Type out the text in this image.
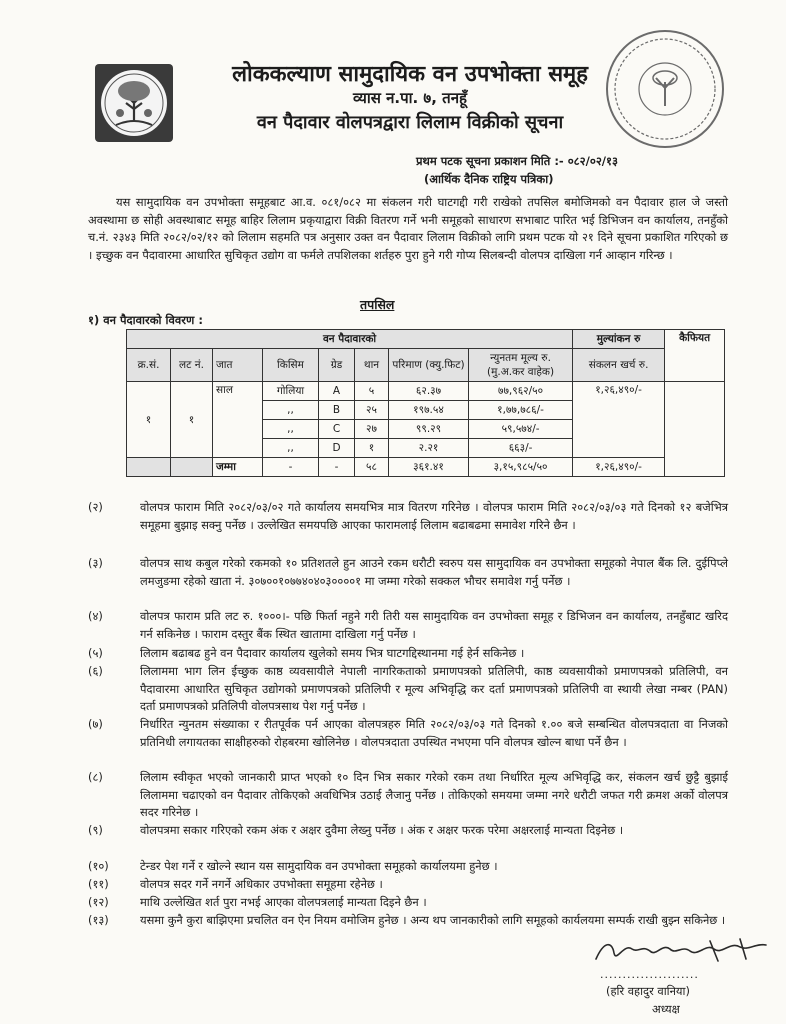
लोककल्याण सामुदायिक वन उपभोक्ता समूह
व्यास न.पा. ७, तनहूँ
वन पैदावार वोलपत्रद्वारा लिलाम विक्रीको सूचना
प्रथम पटक सूचना प्रकाशन मिति :- ०८२/०२/१३
(आर्थिक दैनिक राष्ट्रिय पत्रिका)
यस सामुदायिक वन उपभोक्ता समूहबाट आ.व. ०८१/०८२ मा संकलन गरी घाटगद्दी गरी राखेको तपसिल बमोजिमको वन पैदावार हाल जे जस्तो अवस्थामा छ सोही अवस्थाबाट समूह बाहिर लिलाम प्रकृयाद्वारा विक्री वितरण गर्ने भनी समूहको साधारण सभाबाट पारित भई डिभिजन वन कार्यालय, तनहुँको च.नं. २३४३ मिति २०८२/०२/१२ को लिलाम सहमति पत्र अनुसार उक्त वन पैदावार लिलाम विक्रीको लागि प्रथम पटक यो २१ दिने सूचना प्रकाशित गरिएको छ । इच्छुक वन पैदावारमा आधारित सुचिकृत उद्योग वा फर्मले तपशिलका शर्तहरु पुरा हुने गरी गोप्य सिलबन्दी वोलपत्र दाखिला गर्न आव्हान गरिन्छ ।
तपसिल
१) वन पैदावारको विवरण :
वन पैदावारको								मुल्यांकन रु	कैफियत
क्र.सं.	लट नं.	जात	किसिम	ग्रेड	थान	परिमाण (क्यु.फिट)	न्युनतम मूल्य रु. (मु.अ.कर वाहेक)	संकलन खर्च रु.	
१	१	साल	गोलिया	A	५	६२.३७	७७,९६२/५०	१,२६,४९०/-	
			,,	B	२५	१९७.५४	१,७७,७८६/-		
			,,	C	२७	९९.२९	५९,५७४/-		
			,,	D	१	२.२१	६६३/-		
		जम्मा	-	-	५८	३६१.४१	३,१५,९८५/५०	१,२६,४९०/-	
(२)	वोलपत्र फाराम मिति २०८२/०३/०२ गते कार्यालय समयभित्र मात्र वितरण गरिनेछ । वोलपत्र फाराम मिति २०८२/०३/०३ गते दिनको १२ बजेभित्र समूहमा बुझाइ सक्नु पर्नेछ । उल्लेखित समयपछि आएका फारामलाई लिलाम बढाबढमा समावेश गरिने छैन ।
(३)	वोलपत्र साथ कबुल गरेको रकमको १० प्रतिशतले हुन आउने रकम धरौटी स्वरुप यस सामुदायिक वन उपभोक्ता समूहको नेपाल बैंक लि. दुईपिप्ले लमजुङमा रहेको खाता नं. ३०७००१०७७४०४०३००००१ मा जम्मा गरेको सक्कल भौचर समावेश गर्नु पर्नेछ ।
(४)	वोलपत्र फाराम प्रति लट रु. १०००।- पछि फिर्ता नहुने गरी तिरी यस सामुदायिक वन उपभोक्ता समूह र डिभिजन वन कार्यालय, तनहुँबाट खरिद गर्न सकिनेछ । फाराम दस्तुर बैंक स्थित खातामा दाखिला गर्नु पर्नेछ ।
(५)	लिलाम बढाबढ हुने वन पैदावार कार्यालय खुलेको समय भित्र घाटगद्दिस्थानमा गई हेर्न सकिनेछ ।
(६)	लिलाममा भाग लिन ईच्छुक काष्ठ व्यवसायीले नेपाली नागरिकताको प्रमाणपत्रको प्रतिलिपी, काष्ठ व्यवसायीको प्रमाणपत्रको प्रतिलिपी, वन पैदावारमा आधारित सुचिकृत उद्योगको प्रमाणपत्रको प्रतिलिपी र मूल्य अभिवृद्धि कर दर्ता प्रमाणपत्रको प्रतिलिपी वा स्थायी लेखा नम्बर (PAN) दर्ता प्रमाणपत्रको प्रतिलिपी वोलपत्रसाथ पेश गर्नु पर्नेछ ।
(७)	निर्धारित न्युनतम संख्याका र रीतपूर्वक पर्न आएका वोलपत्रहरु मिति २०८२/०३/०३ गते दिनको १.०० बजे सम्बन्धित वोलपत्रदाता वा निजको प्रतिनिधी लगायतका साक्षीहरुको रोहबरमा खोलिनेछ । वोलपत्रदाता उपस्थित नभएमा पनि वोलपत्र खोल्न बाधा पर्ने छैन ।
(८)	लिलाम स्वीकृत भएको जानकारी प्राप्त भएको १० दिन भित्र सकार गरेको रकम तथा निर्धारित मूल्य अभिवृद्धि कर, संकलन खर्च छुट्टै बुझाई लिलाममा चढाएको वन पैदावार तोकिएको अवधिभित्र उठाई लैजानु पर्नेछ । तोकिएको समयमा जम्मा नगरे धरौटी जफत गरी क्रमश अर्को वोलपत्र सदर गरिनेछ ।
(९)	वोलपत्रमा सकार गरिएको रकम अंक र अक्षर दुवैमा लेख्नु पर्नेछ । अंक र अक्षर फरक परेमा अक्षरलाई मान्यता दिइनेछ ।
(१०)	टेन्डर पेश गर्ने र खोल्ने स्थान यस सामुदायिक वन उपभोक्ता समूहको कार्यालयमा हुनेछ ।
(११)	वोलपत्र सदर गर्ने नगर्ने अधिकार उपभोक्ता समूहमा रहेनेछ ।
(१२)	माथि उल्लेखित शर्त पुरा नभई आएका वोलपत्रलाई मान्यता दिइने छैन ।
(१३)	यसमा कुनै कुरा बाझिएमा प्रचलित वन ऐन नियम वमोजिम हुनेछ । अन्य थप जानकारीको लागि समूहको कार्यलयमा सम्पर्क राखी बुझ्न सकिनेछ ।
......................
(हरि वहादुर वानिया)
अध्यक्ष
